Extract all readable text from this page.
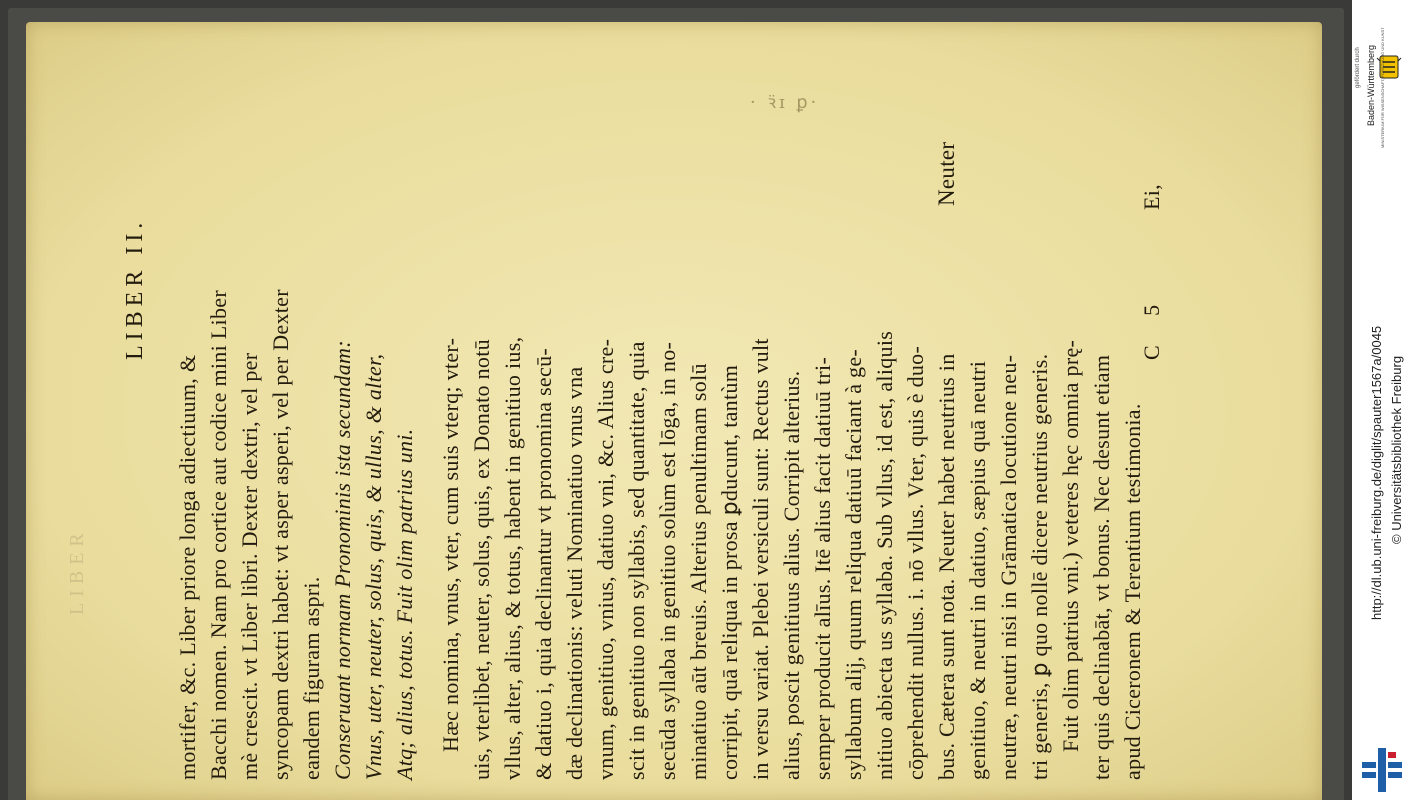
LIBER
· ꝛ̈ɪ ꝑ·
LIBER II.
mortifer, &c. Liber priore longa adiectiuum, & Bacchi nomen. Nam pro cortice aut codice mini Liber mè crescit. vt Liber libri. Dexter dextri, vel per syncopam dextri habet: vt asper asperi, vel per Dexter eandem figuram aspri. Conseruant normam Pronominis ista secundam: Vnus, uter, neuter, solus, quis, & ullus, & alter, Atq; alius, totus. Fuit olim patrius uni. Hæc nomina, vnus, vter, cum suis vterq; vter- uis, vterlibet, neuter, solus, quis, ex Donato notū vllus, alter, alius, & totus, habent in genitiuo ius, & datiuo i, quia declinantur vt pronomina secū- dæ declinationis: veluti Nominatiuo vnus vna vnum, genitiuo, vnius, datiuo vni, &c. Alius cre- scit in genitiuo non syllabis, sed quantitate, quia secūda syllaba in genitiuo solùm est lōga, in no- minatiuo aūt breuis. Alterius penultimam solū corripit, quā reliqua in prosa ꝑducunt, tantùm in versu variat. Plebei versiculi sunt: Rectus vult alius, poscit genitiuus alius. Corripit alterius. semper producit alīus. Itē alius facit datiuū tri- syllabum alij, quum reliqua datiuū faciant à ge- nitiuo abiecta us syllaba. Sub vllus, id est, aliquis cōprehendit nullus. i. nō vllus. Vter, quis è duo- bus. Cætera sunt nota. Neuter habet neutrius in genitiuo, & neutri in datiuo, sæpius quā neutri neutræ, neutri nisi in Grāmatica locutione neu- tri generis, ꝑ quo nollē dicere neutrius generis. Fuit olim patrius vni.) veteres hęc omnia prę- ter quis declinabāt, vt bonus. Nec desunt etiam apud Ciceronem & Terentium testimonia.
Neuter
C 5
Ei,
gefördert durch Baden-Württemberg MINISTERIUM FÜR WISSENSCHAFT, FORSCHUNG UND KUNST
http://dl.ub.uni-freiburg.de/diglit/spauter1567a/0045 © Universitätsbibliothek Freiburg
